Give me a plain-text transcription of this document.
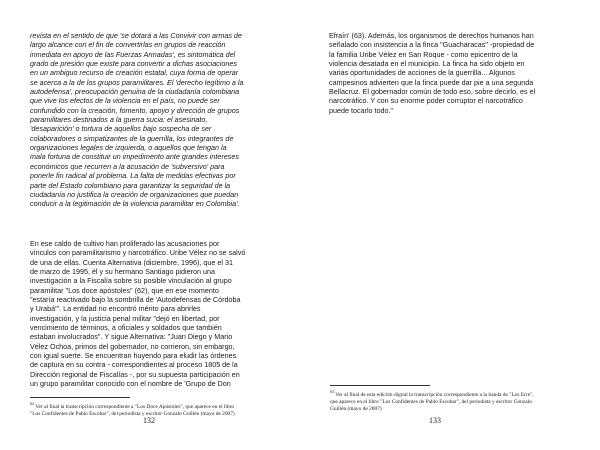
revista en el sentido de que 'se dotará a las Convivir con armas de
largo alcance con el fin de convertirlas en grupos de reacción
inmediata en apoyo de las Fuerzas Armadas', es sintomática del
grado de presión que existe para convertir a dichas asociaciones
en un ambiguo recurso de creación estatal, cuya forma de operar
se acerca a la de los grupos paramilitares. El 'derecho legítimo a la
autodefensa', preocupación genuina de la ciudadanía colombiana
que vive los efectos de la violencia en el país, no puede ser
confundido con la creación, fomento, apoyo y dirección de grupos
paramilitares destinados a la guerra sucia: el asesinato,
'desaparición' o tortura de aquellos bajo sospecha de ser
colaboradores o simpatizantes de la guerrilla, los integrantes de
organizaciones legales de izquierda, o aquellos que tengan la
mala fortuna de constituir un impedimento ante grandes intereses
económicos que recurren a la acusación de 'subversivo' para
ponerle fin radical al problema. La falta de medidas efectivas por
parte del Estado colombiano para garantizar la seguridad de la
ciudadanía no justifica la creación de organizaciones que puedan
conducir a la legitimación de la violencia paramilitar en Colombia'.
En ese caldo de cultivo han proliferado las acusaciones por
vínculos con paramilitarismo y narcotráfico. Uribe Vélez no se salvó
de una de ellas. Cuenta Alternativa (diciembre, 1996), que el 31
de marzo de 1995, él y su hermano Santiago pidieron una
investigación a la Fiscalía sobre su posible vinculación al grupo
paramilitar "Los doce apóstoles" (62), que en ese momento
"estaría reactivado bajo la sombrilla de 'Autodefensas de Córdoba
y Urabá'". La entidad no encontró mérito para abrirles
investigación, y la justicia penal militar "dejó en libertad, por
vencimiento de términos, a oficiales y soldados que también
estaban involucrados". Y sigue Alternativa: "Juan Diego y Mario
Vélez Ochoa, primos del gobernador, no corrieron, sin embargo,
con igual suerte. Se encuentran huyendo para eludir las órdenes
de captura en su contra - correspondientes al proceso 1805 de la
Dirección regional de Fiscalías -, por su supuesta participación en
un grupo paramilitar conocido con el nombre de 'Grupo de Don
$^{62}$ Ver al final la transcripción correspondiente a "Los Doce Apóstoles", que aparece en el libro
"Los Confidentes de Pablo Escobar", del periodista y escritor Gonzalo Guillén (mayo de 2007)
132
Efraín' (63). Además, los organismos de derechos humanos han
señalado con insistencia a la finca "Guacharacas" -propiedad de
la familia Uribe Vélez en San Roque - como epicentro de la
violencia desatada en el municipio. La finca ha sido objeto en
varias oportunidades de acciones de la guerrilla... Algunos
campesinos advierten que la finca puede dar pie a una segunda
Bellacruz. El gobernador común de todo eso, sobre decirlo, es el
narcotráfico. Y con su enorme poder corruptor el narcotráfico
puede tocarlo todo."
$^{63}$ Ver al final de esta edición digital la transcripción correspondiente a la banda de "Los Erre",
que aparece en el libro "Los Confidentes de Pablo Escobar", del periodista y escritor Gonzalo
Guillén (mayo de 2007)
133
